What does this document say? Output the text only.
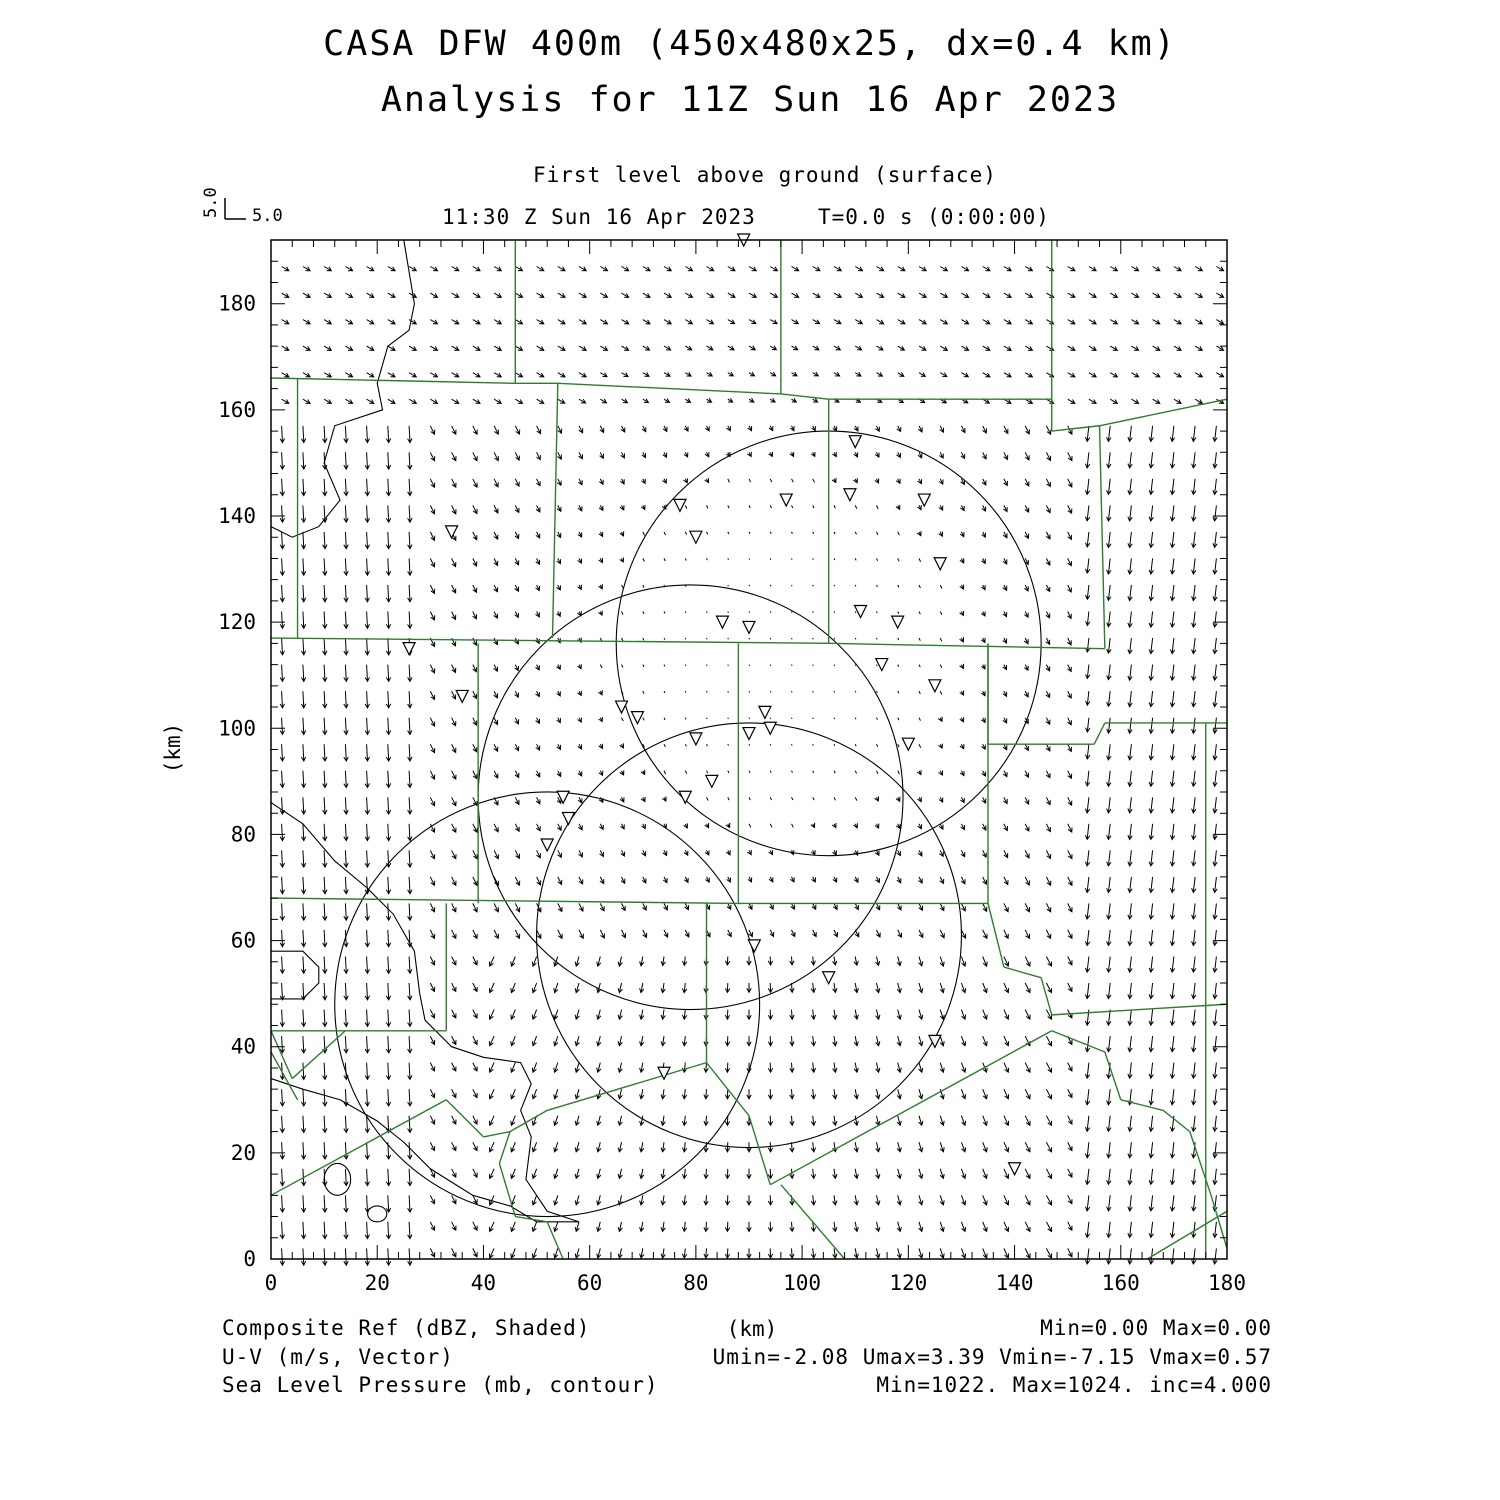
CASA DFW 400m (450x480x25, dx=0.4 km)
Analysis for 11Z Sun 16 Apr 2023
First level above ground (surface)
11:30 Z Sun 16 Apr 2023	T=0.0 s (0:00:00)
0	20	40	60	80	100	120	140	160	180
0
20
40
60
80
100
120
140
160
180
5.0 5.0
(km)
(km)
Composite Ref (dBZ, Shaded)	Min=0.00 Max=0.00
U-V (m/s, Vector)	Umin=-2.08 Umax=3.39 Vmin=-7.15 Vmax=0.57
Sea Level Pressure (mb, contour)	Min=1022. Max=1024. inc=4.000
